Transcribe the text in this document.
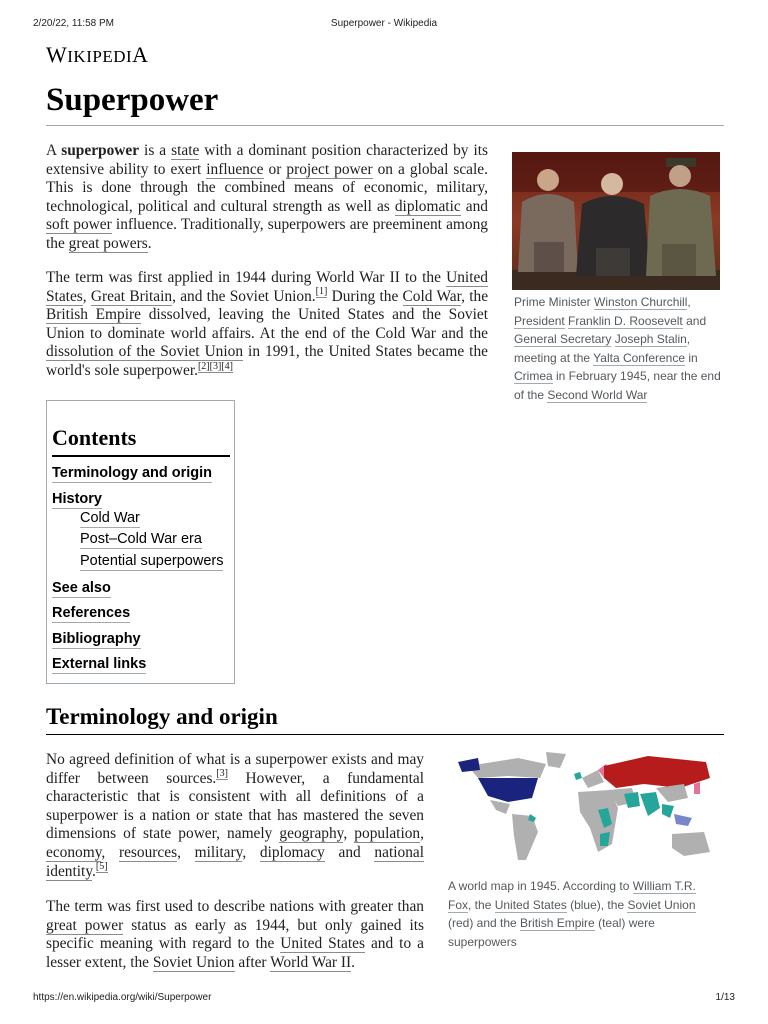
2/20/22, 11:58 PM	Superpower - Wikipedia
WIKIPEDIA
Superpower

A superpower is a state with a dominant position characterized by its extensive ability to exert influence or project power on a global scale. This is done through the combined means of economic, military, technological, political and cultural strength as well as diplomatic and soft power influence. Traditionally, superpowers are preeminent among the great powers.

The term was first applied in 1944 during World War II to the United States, Great Britain, and the Soviet Union.[1] During the Cold War, the British Empire dissolved, leaving the United States and the Soviet Union to dominate world affairs. At the end of the Cold War and the dissolution of the Soviet Union in 1991, the United States became the world's sole superpower.[2][3][4]

Prime Minister Winston Churchill, President Franklin D. Roosevelt and General Secretary Joseph Stalin, meeting at the Yalta Conference in Crimea in February 1945, near the end of the Second World War
Contents
Terminology and origin
History
Cold War
Post–Cold War era
Potential superpowers
See also
References
Bibliography
External links
Terminology and origin

No agreed definition of what is a superpower exists and may differ between sources.[3] However, a fundamental characteristic that is consistent with all definitions of a superpower is a nation or state that has mastered the seven dimensions of state power, namely geography, population, economy, resources, military, diplomacy and national identity.[5]

The term was first used to describe nations with greater than great power status as early as 1944, but only gained its specific meaning with regard to the United States and to a lesser extent, the Soviet Union after World War II.

A world map in 1945. According to William T.R. Fox, the United States (blue), the Soviet Union (red) and the British Empire (teal) were superpowers
https://en.wikipedia.org/wiki/Superpower	1/13
